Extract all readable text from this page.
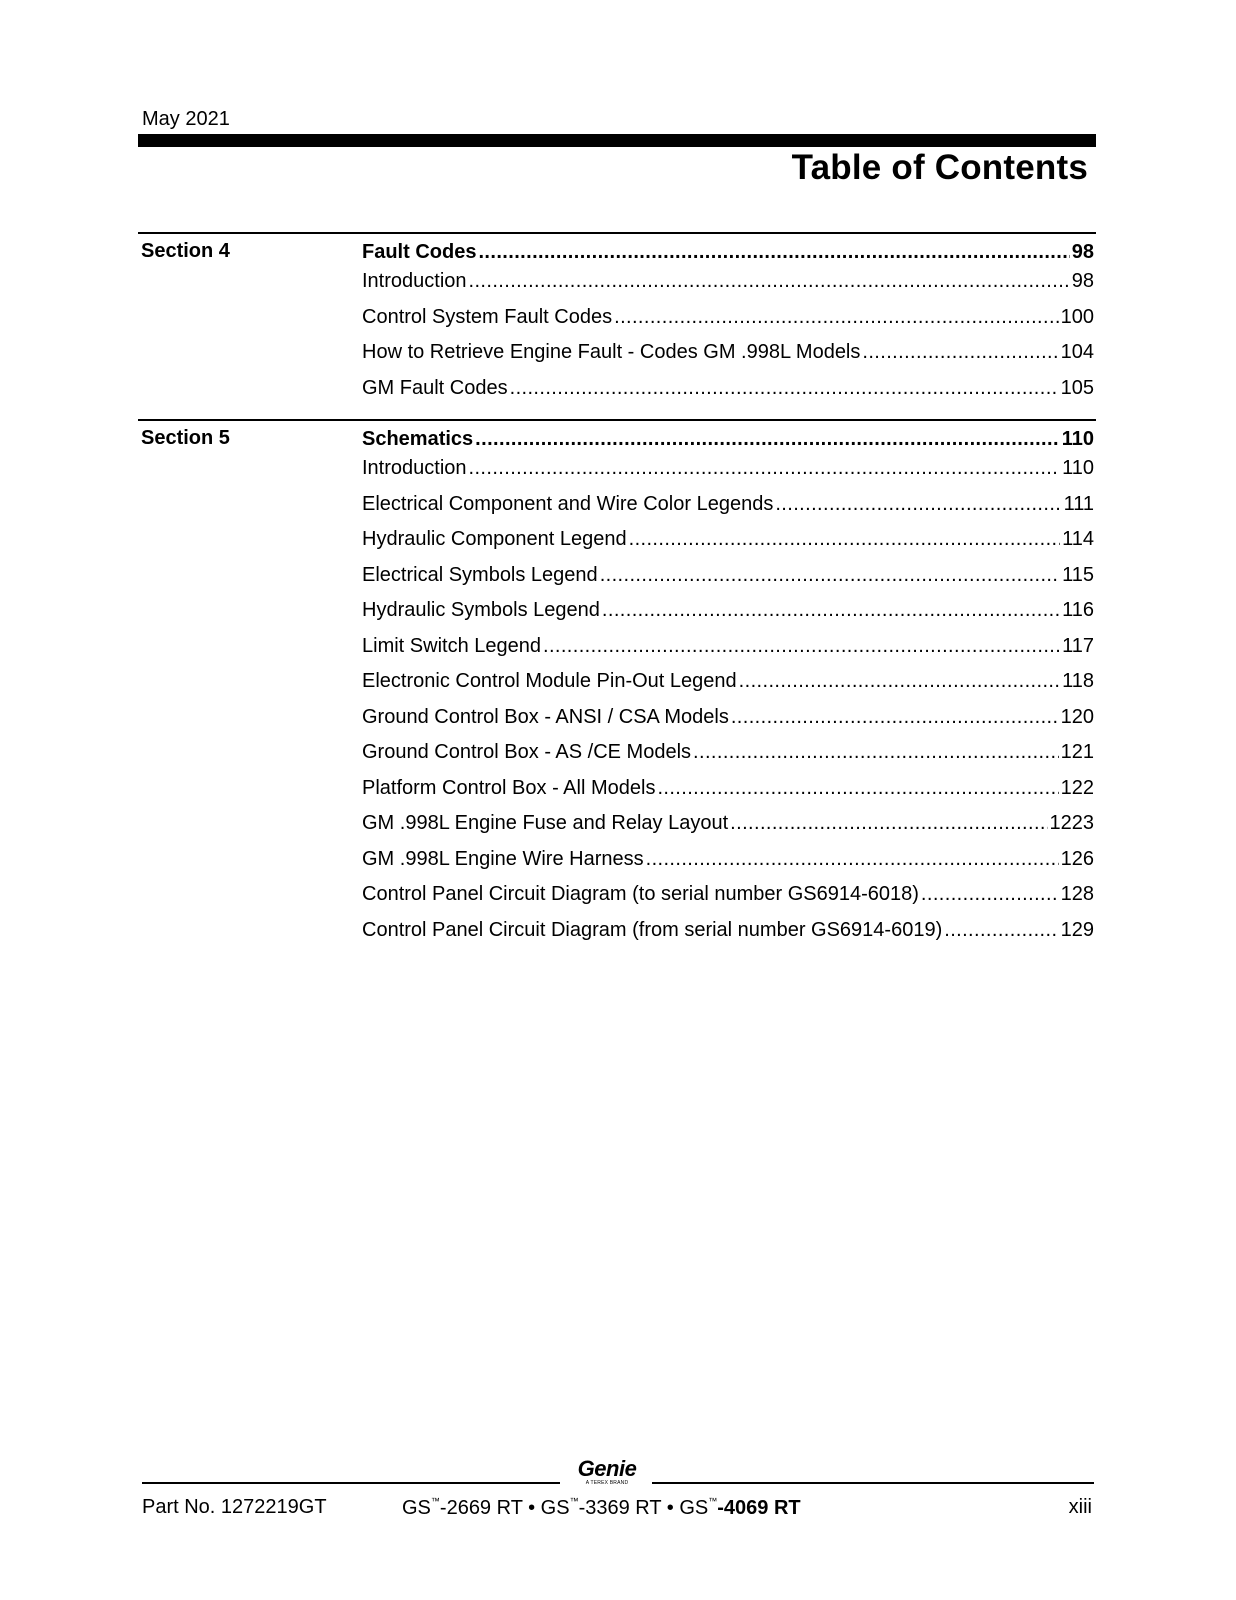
May 2021
Table of Contents
Section 4	Fault Codes .....	98
Introduction .....	98
Control System Fault Codes .....	100
How to Retrieve Engine Fault - Codes GM .998L Models .....	104
GM Fault Codes .....	105
Section 5	Schematics .....	110
Introduction .....	110
Electrical Component and Wire Color Legends .....	111
Hydraulic Component Legend .....	114
Electrical Symbols Legend .....	115
Hydraulic Symbols Legend .....	116
Limit Switch Legend .....	117
Electronic Control Module Pin-Out Legend .....	118
Ground Control Box - ANSI / CSA Models .....	120
Ground Control Box - AS /CE Models .....	121
Platform Control Box - All Models .....	122
GM .998L Engine Fuse and Relay Layout .....	1223
GM .998L Engine Wire Harness .....	126
Control Panel Circuit Diagram (to serial number GS6914-6018) .....	128
Control Panel Circuit Diagram (from serial number GS6914-6019) .....	129
Genie
A TEREX BRAND
Part No. 1272219GT	GS™-2669 RT • GS™-3369 RT • GS™-4069 RT	xiii
